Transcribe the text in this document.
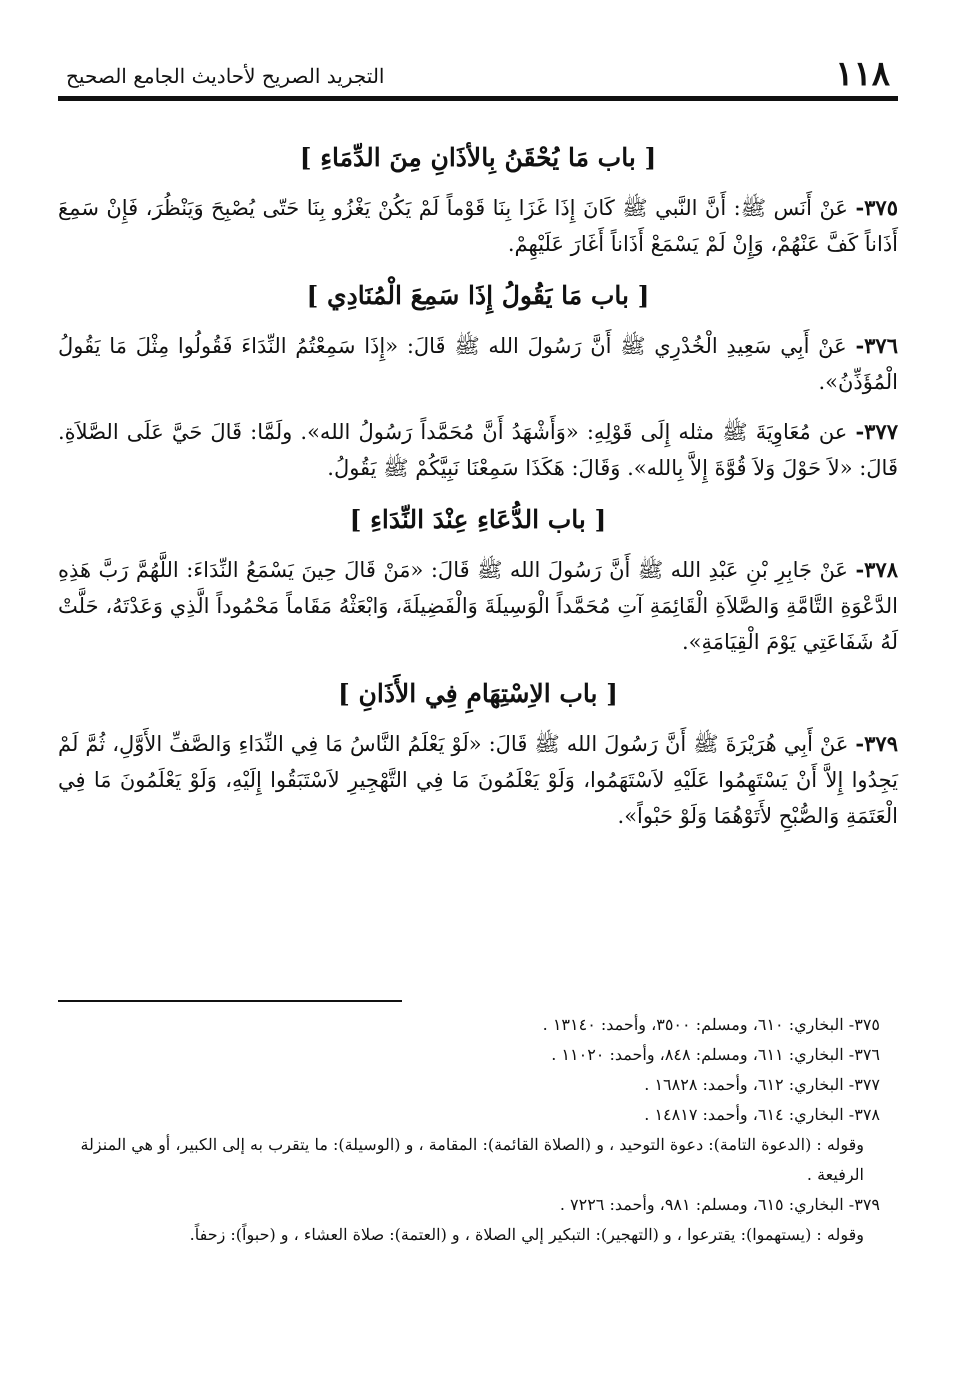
١١٨
التجريد الصريح لأحاديث الجامع الصحيح
[ باب مَا يُحْقَنُ بِالأذَانِ مِنَ الدِّمَاءِ ]

٣٧٥- عَنْ أَنَس ﷺ: أَنَّ النَّبي ﷺ كَانَ إِذَا غَزَا بِنَا قَوْماً لَمْ يَكُنْ يَغْزُو بِنَا حَتّى يُصْبِحَ وَيَنْظُرَ، فَإِنْ سَمِعَ أَذَاناً كَفَّ عَنْهُمْ، وَإِنْ لَمْ يَسْمَعْ أَذَاناً أَغَارَ عَلَيْهِمْ.

[ باب مَا يَقُولُ إِذَا سَمِعَ الْمُنَادِي ]

٣٧٦- عَنْ أَبِي سَعِيدِ الْخُدْرِي ﷺ أَنَّ رَسُولَ الله ﷺ قَالَ: «إِذَا سَمِعْتُمُ النِّدَاءَ فَقُولُوا مِثْلَ مَا يَقُولُ الْمُؤَذِّنُ».

٣٧٧- عن مُعَاوِيَةَ ﷺ مثله إِلَى قَوْلِهِ: «وَأَشْهَدُ أَنَّ مُحَمَّداً رَسُولُ الله». ولَمَّا: قَالَ حَيَّ عَلَى الصَّلاَةِ. قَالَ: «لاَ حَوْلَ وَلاَ قُوَّةَ إِلاَّ بِالله». وَقَالَ: هَكَذَا سَمِعْنَا نَبِيَّكُمْ ﷺ يَقُولُ.

[ باب الدُّعَاءِ عِنْدَ النِّدَاءِ ]

٣٧٨- عَنْ جَابِرِ بْنِ عَبْدِ الله ﷺ أَنَّ رَسُولَ الله ﷺ قَالَ: «مَنْ قَالَ حِينَ يَسْمَعُ النِّدَاءَ: اللَّهُمَّ رَبَّ هَذِهِ الدَّعْوَةِ التَّامَّةِ وَالصَّلاَةِ الْقَائِمَةِ آتِ مُحَمَّداً الْوَسِيلَةَ وَالْفَضِيلَةَ، وَابْعَثْهُ مَقَاماً مَحْمُوداً الَّذِي وَعَدْتَهُ، حَلَّتْ لَهُ شَفَاعَتِي يَوْمَ الْقِيَامَةِ».

[ باب الاِسْتِهَامِ فِي الأَذَانِ ]

٣٧٩- عَنْ أَبِي هُرَيْرَةَ ﷺ أَنَّ رَسُولَ الله ﷺ قَالَ: «لَوْ يَعْلَمُ النَّاسُ مَا فِي النِّدَاءِ وَالصَّفِّ الأَوَّلِ، ثُمَّ لَمْ يَجِدُوا إِلاَّ أَنْ يَسْتَهِمُوا عَلَيْهِ لاَسْتَهَمُوا، وَلَوْ يَعْلَمُونَ مَا فِي التَّهْجِيرِ لاَسْتَبَقُوا إِلَيْهِ، وَلَوْ يَعْلَمُونَ مَا فِي الْعَتَمَةِ وَالصُّبْحِ لأَتَوْهُمَا وَلَوْ حَبْواً».

٣٧٥- البخاري: ٦١٠، ومسلم: ٣٥٠٠، وأحمد: ١٣١٤٠ .

٣٧٦- البخاري: ٦١١، ومسلم: ٨٤٨، وأحمد: ١١٠٢٠ .

٣٧٧- البخاري: ٦١٢، وأحمد: ١٦٨٢٨ .

٣٧٨- البخاري: ٦١٤، وأحمد: ١٤٨١٧ .

وقوله : (الدعوة التامة): دعوة التوحيد ، و (الصلاة القائمة): المقامة ، و (الوسيلة): ما يتقرب به إلى الكبير، أو هي المنزلة الرفيعة .

٣٧٩- البخاري: ٦١٥، ومسلم: ٩٨١، وأحمد: ٧٢٢٦ .

وقوله : (يستهموا): يقترعوا ، و (التهجير): التبكير إلي الصلاة ، و (العتمة): صلاة العشاء ، و (حبواً): زحفاً.
